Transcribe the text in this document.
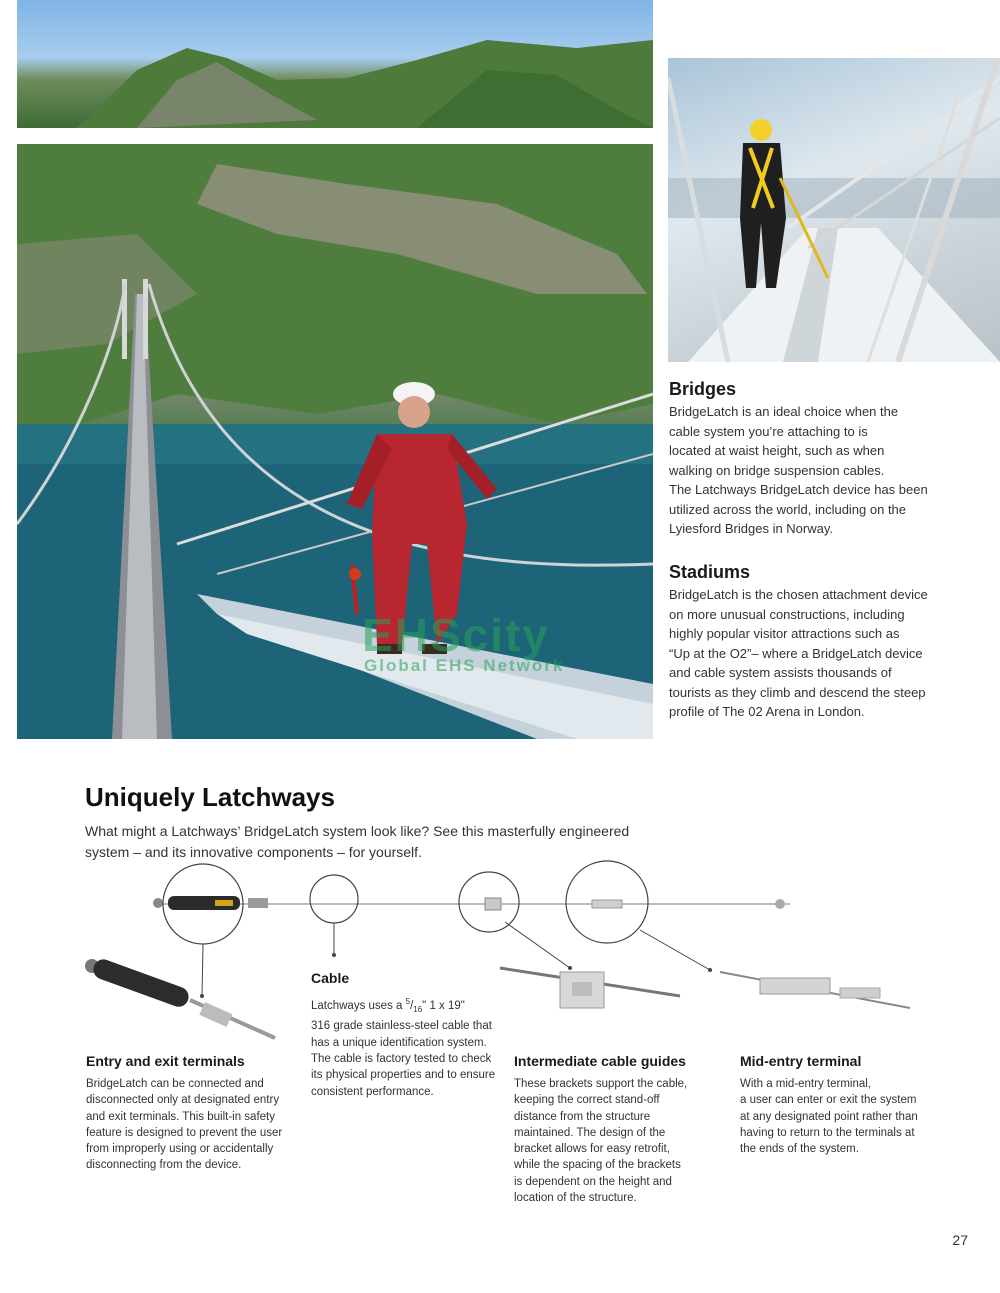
EHScity
Global EHS Network
Bridges
BridgeLatch is an ideal choice when the
cable system you’re attaching to is
located at waist height, such as when
walking on bridge suspension cables.
The Latchways BridgeLatch device has been
utilized across the world, including on the
Lyiesford Bridges in Norway.
Stadiums
BridgeLatch is the chosen attachment device
on more unusual constructions, including
highly popular visitor attractions such as
“Up at the O2”– where a BridgeLatch device
and cable system assists thousands of
tourists as they climb and descend the steep
profile of The 02 Arena in London.
Uniquely Latchways
What might a Latchways’ BridgeLatch system look like? See this masterfully engineered
system – and its innovative components – for yourself.
Entry and exit terminals
BridgeLatch can be connected and
disconnected only at designated entry
and exit terminals. This built-in safety
feature is designed to prevent the user
from improperly using or accidentally
disconnecting from the device.
Cable
Latchways uses a $^5/_{16}$" 1 x 19"
316 grade stainless-steel cable that
has a unique identification system.
The cable is factory tested to check
its physical properties and to ensure
consistent performance.
Intermediate cable guides
These brackets support the cable,
keeping the correct stand-off
distance from the structure
maintained. The design of the
bracket allows for easy retrofit,
while the spacing of the brackets
is dependent on the height and
location of the structure.
Mid-entry terminal
With a mid-entry terminal,
a user can enter or exit the system
at any designated point rather than
having to return to the terminals at
the ends of the system.
27
